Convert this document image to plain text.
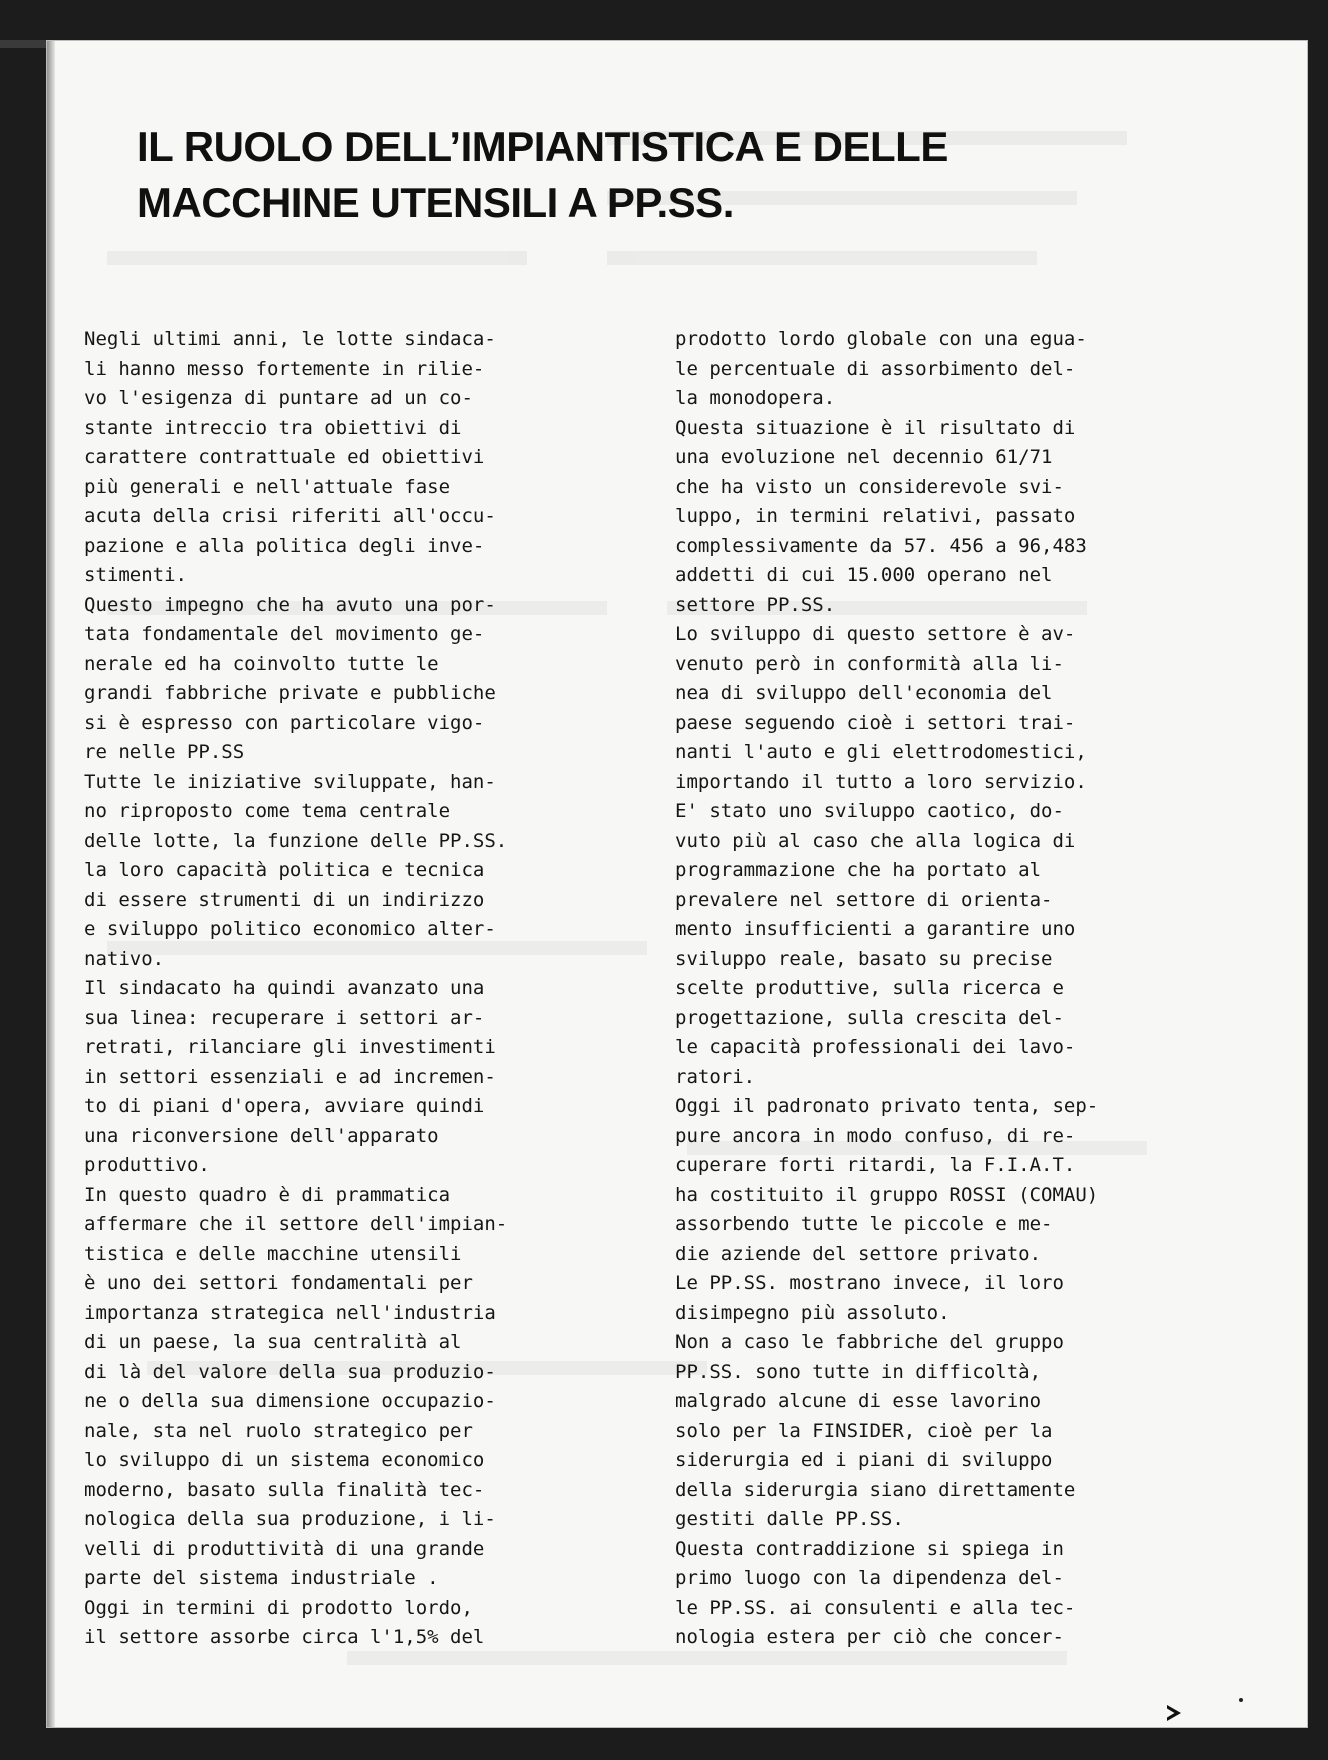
IL RUOLO DELL’IMPIANTISTICA E DELLE
MACCHINE UTENSILI A PP.SS.
Negli ultimi anni, le lotte sindaca-
li hanno messo fortemente in rilie-
vo l'esigenza di puntare ad un co-
stante intreccio tra obiettivi di
carattere contrattuale ed obiettivi
più generali e nell'attuale fase
acuta della crisi riferiti all'occu-
pazione e alla politica degli inve-
stimenti.
Questo impegno che ha avuto una por-
tata fondamentale del movimento ge-
nerale ed ha coinvolto tutte le
grandi fabbriche private e pubbliche
si è espresso con particolare vigo-
re nelle PP.SS
Tutte le iniziative sviluppate, han-
no riproposto come tema centrale
delle lotte, la funzione delle PP.SS.
la loro capacità politica e tecnica
di essere strumenti di un indirizzo
e sviluppo politico economico alter-
nativo.
Il sindacato ha quindi avanzato una
sua linea: recuperare i settori ar-
retrati, rilanciare gli investimenti
in settori essenziali e ad incremen-
to di piani d'opera, avviare quindi
una riconversione dell'apparato
produttivo.
In questo quadro è di prammatica
affermare che il settore dell'impian-
tistica e delle macchine utensili
è uno dei settori fondamentali per
importanza strategica nell'industria
di un paese, la sua centralità al
di là del valore della sua produzio-
ne o della sua dimensione occupazio-
nale, sta nel ruolo strategico per
lo sviluppo di un sistema economico
moderno, basato sulla finalità tec-
nologica della sua produzione, i li-
velli di produttività di una grande
parte del sistema industriale .
Oggi in termini di prodotto lordo,
il settore assorbe circa l'1,5% del
prodotto lordo globale con una egua-
le percentuale di assorbimento del-
la monodopera.
Questa situazione è il risultato di
una evoluzione nel decennio 61/71
che ha visto un considerevole svi-
luppo, in termini relativi, passato
complessivamente da 57. 456 a 96,483
addetti di cui 15.000 operano nel
settore PP.SS.
Lo sviluppo di questo settore è av-
venuto però in conformità alla li-
nea di sviluppo dell'economia del
paese seguendo cioè i settori trai-
nanti l'auto e gli elettrodomestici,
importando il tutto a loro servizio.
E' stato uno sviluppo caotico, do-
vuto più al caso che alla logica di
programmazione che ha portato al
prevalere nel settore di orienta-
mento insufficienti a garantire uno
sviluppo reale, basato su precise
scelte produttive, sulla ricerca e
progettazione, sulla crescita del-
le capacità professionali dei lavo-
ratori.
Oggi il padronato privato tenta, sep-
pure ancora in modo confuso, di re-
cuperare forti ritardi, la F.I.A.T.
ha costituito il gruppo ROSSI (COMAU)
assorbendo tutte le piccole e me-
die aziende del settore privato.
Le PP.SS. mostrano invece, il loro
disimpegno più assoluto.
Non a caso le fabbriche del gruppo
PP.SS. sono tutte in difficoltà,
malgrado alcune di esse lavorino
solo per la FINSIDER, cioè per la
siderurgia ed i piani di sviluppo
della siderurgia siano direttamente
gestiti dalle PP.SS.
Questa contraddizione si spiega in
primo luogo con la dipendenza del-
le PP.SS. ai consulenti e alla tec-
nologia estera per ciò che concer-
